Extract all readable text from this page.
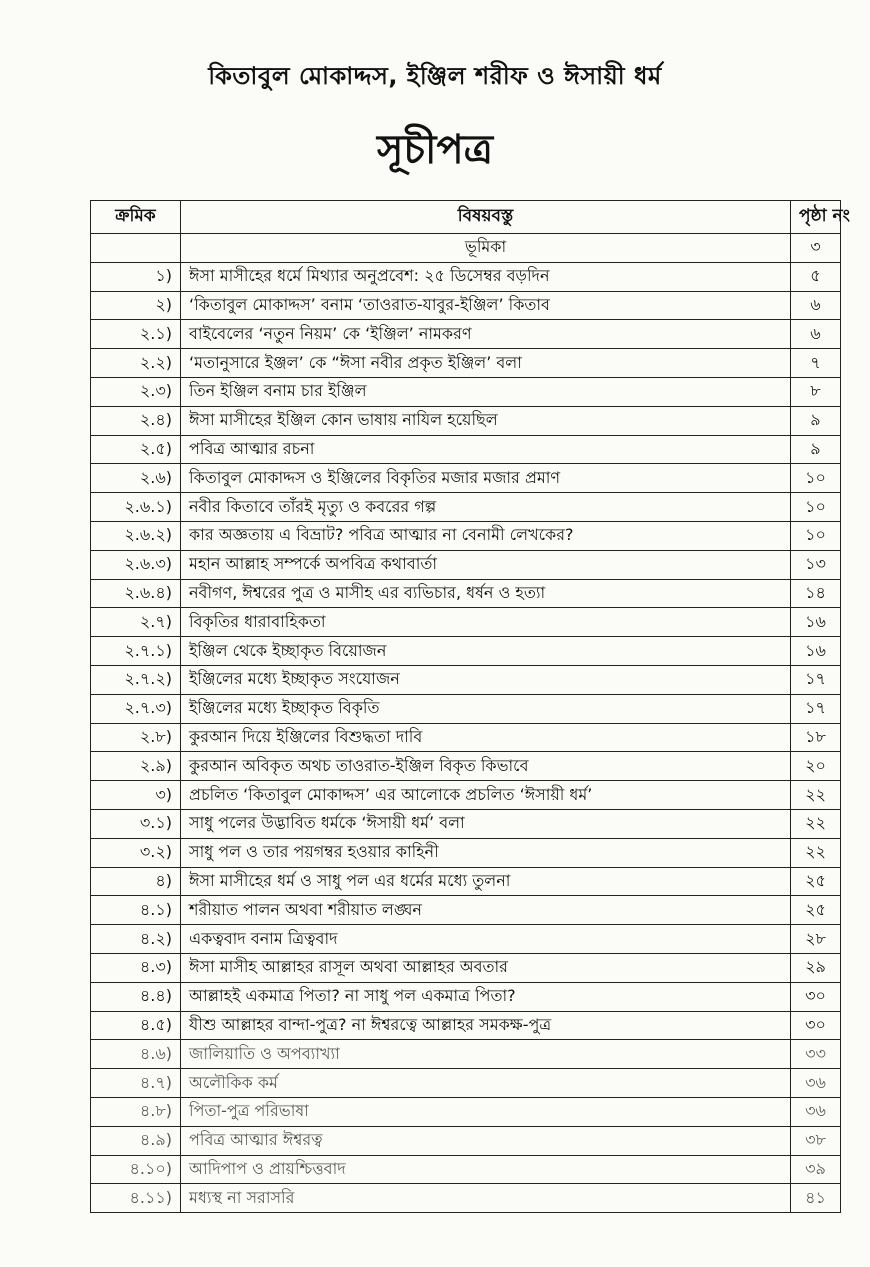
কিতাবুল মোকাদ্দস, ইঞ্জিল শরীফ ও ঈসায়ী ধর্ম
সূচীপত্র
ক্রমিক	বিষয়বস্তু	পৃষ্ঠা নং
	ভূমিকা	৩
১)	ঈসা মাসীহের ধর্মে মিথ্যার অনুপ্রবেশ: ২৫ ডিসেম্বর বড়দিন	৫
২)	‘কিতাবুল মোকাদ্দস’ বনাম ‘তাওরাত-যাবুর-ইঞ্জিল’ কিতাব	৬
২.১)	বাইবেলের ‘নতুন নিয়ম’ কে ‘ইঞ্জিল’ নামকরণ	৬
২.২)	‘মতানুসারে ইঞ্জল’ কে “ঈসা নবীর প্রকৃত ইঞ্জিল’ বলা	৭
২.৩)	তিন ইঞ্জিল বনাম চার ইঞ্জিল	৮
২.৪)	ঈসা মাসীহের ইঞ্জিল কোন ভাষায় নাযিল হয়েছিল	৯
২.৫)	পবিত্র আত্মার রচনা	৯
২.৬)	কিতাবুল মোকাদ্দস ও ইঞ্জিলের বিকৃতির মজার মজার প্রমাণ	১০
২.৬.১)	নবীর কিতাবে তাঁরই মৃত্যু ও কবরের গল্প	১০
২.৬.২)	কার অজ্ঞতায় এ বিভ্রাট? পবিত্র আত্মার না বেনামী লেখকের?	১০
২.৬.৩)	মহান আল্লাহ সম্পর্কে অপবিত্র কথাবার্তা	১৩
২.৬.৪)	নবীগণ, ঈশ্বরের পুত্র ও মাসীহ এর ব্যভিচার, ধর্ষন ও হত্যা	১৪
২.৭)	বিকৃতির ধারাবাহিকতা	১৬
২.৭.১)	ইঞ্জিল থেকে ইচ্ছাকৃত বিয়োজন	১৬
২.৭.২)	ইঞ্জিলের মধ্যে ইচ্ছাকৃত সংযোজন	১৭
২.৭.৩)	ইঞ্জিলের মধ্যে ইচ্ছাকৃত বিকৃতি	১৭
২.৮)	কুরআন দিয়ে ইঞ্জিলের বিশুদ্ধতা দাবি	১৮
২.৯)	কুরআন অবিকৃত অথচ তাওরাত-ইঞ্জিল বিকৃত কিভাবে	২০
৩)	প্রচলিত ‘কিতাবুল মোকাদ্দস’ এর আলোকে প্রচলিত ‘ঈসায়ী ধর্ম’	২২
৩.১)	সাধু পলের উদ্ভাবিত ধর্মকে ‘ঈসায়ী ধর্ম’ বলা	২২
৩.২)	সাধু পল ও তার পয়গম্বর হওয়ার কাহিনী	২২
৪)	ঈসা মাসীহের ধর্ম ও সাধু পল এর ধর্মের মধ্যে তুলনা	২৫
৪.১)	শরীয়াত পালন অথবা শরীয়াত লঙ্ঘন	২৫
৪.২)	একত্ববাদ বনাম ত্রিত্ববাদ	২৮
৪.৩)	ঈসা মাসীহ আল্লাহর রাসূল অথবা আল্লাহর অবতার	২৯
৪.৪)	আল্লাহই একমাত্র পিতা? না সাধু পল একমাত্র পিতা?	৩০
৪.৫)	যীশু আল্লাহর বান্দা-পুত্র? না ঈশ্বরত্বে আল্লাহর সমকক্ষ-পুত্র	৩০
৪.৬)	জালিয়াতি ও অপব্যাখ্যা	৩৩
৪.৭)	অলৌকিক কর্ম	৩৬
৪.৮)	পিতা-পুত্র পরিভাষা	৩৬
৪.৯)	পবিত্র আত্মার ঈশ্বরত্ব	৩৮
৪.১০)	আদিপাপ ও প্রায়শ্চিত্তবাদ	৩৯
৪.১১)	মধ্যস্থ না সরাসরি	৪১
